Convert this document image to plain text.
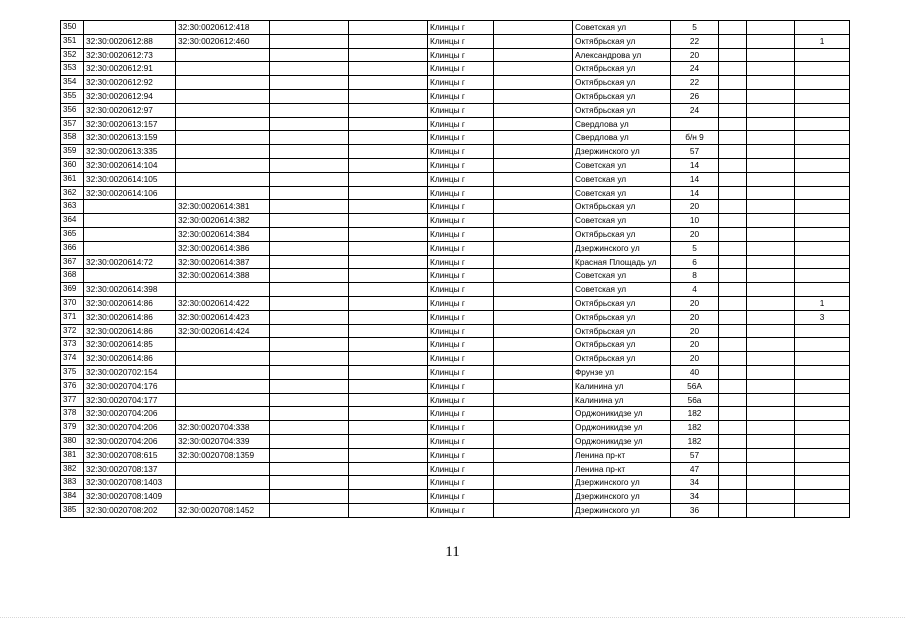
350		32:30:0020612:418			Клинцы г		Советская ул	5			
351	32:30:0020612:88	32:30:0020612:460			Клинцы г		Октябрьская ул	22			1
352	32:30:0020612:73				Клинцы г		Александрова ул	20			
353	32:30:0020612:91				Клинцы г		Октябрьская ул	24			
354	32:30:0020612:92				Клинцы г		Октябрьская ул	22			
355	32:30:0020612:94				Клинцы г		Октябрьская ул	26			
356	32:30:0020612:97				Клинцы г		Октябрьская ул	24			
357	32:30:0020613:157				Клинцы г		Свердлова ул				
358	32:30:0020613:159				Клинцы г		Свердлова ул	б/н 9			
359	32:30:0020613:335				Клинцы г		Дзержинского ул	57			
360	32:30:0020614:104				Клинцы г		Советская ул	14			
361	32:30:0020614:105				Клинцы г		Советская ул	14			
362	32:30:0020614:106				Клинцы г		Советская ул	14			
363		32:30:0020614:381			Клинцы г		Октябрьская ул	20			
364		32:30:0020614:382			Клинцы г		Советская ул	10			
365		32:30:0020614:384			Клинцы г		Октябрьская ул	20			
366		32:30:0020614:386			Клинцы г		Дзержинского ул	5			
367	32:30:0020614:72	32:30:0020614:387			Клинцы г		Красная Площадь ул	6			
368		32:30:0020614:388			Клинцы г		Советская ул	8			
369	32:30:0020614:398				Клинцы г		Советская ул	4			
370	32:30:0020614:86	32:30:0020614:422			Клинцы г		Октябрьская ул	20			1
371	32:30:0020614:86	32:30:0020614:423			Клинцы г		Октябрьская ул	20			3
372	32:30:0020614:86	32:30:0020614:424			Клинцы г		Октябрьская ул	20			
373	32:30:0020614:85				Клинцы г		Октябрьская ул	20			
374	32:30:0020614:86				Клинцы г		Октябрьская ул	20			
375	32:30:0020702:154				Клинцы г		Фрунзе ул	40			
376	32:30:0020704:176				Клинцы г		Калинина ул	56А			
377	32:30:0020704:177				Клинцы г		Калинина ул	56а			
378	32:30:0020704:206				Клинцы г		Орджоникидзе ул	182			
379	32:30:0020704:206	32:30:0020704:338			Клинцы г		Орджоникидзе ул	182			
380	32:30:0020704:206	32:30:0020704:339			Клинцы г		Орджоникидзе ул	182			
381	32:30:0020708:615	32:30:0020708:1359			Клинцы г		Ленина пр-кт	57			
382	32:30:0020708:137				Клинцы г		Ленина пр-кт	47			
383	32:30:0020708:1403				Клинцы г		Дзержинского ул	34			
384	32:30:0020708:1409				Клинцы г		Дзержинского ул	34			
385	32:30:0020708:202	32:30:0020708:1452			Клинцы г		Дзержинского ул	36			
11
